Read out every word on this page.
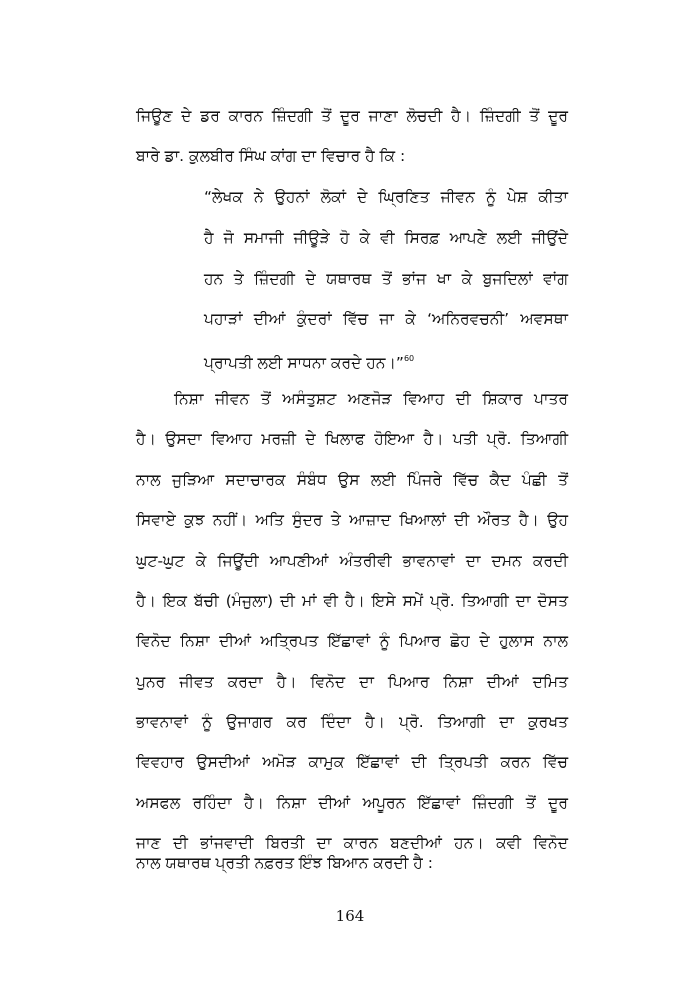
ਜਿਊਣ ਦੇ ਡਰ ਕਾਰਨ ਜ਼ਿੰਦਗੀ ਤੋਂ ਦੂਰ ਜਾਣਾ ਲੋਚਦੀ ਹੈ। ਜ਼ਿੰਦਗੀ ਤੋਂ ਦੂਰ
ਬਾਰੇ ਡਾ. ਕੁਲਬੀਰ ਸਿੰਘ ਕਾਂਗ ਦਾ ਵਿਚਾਰ ਹੈ ਕਿ :
“ਲੇਖਕ ਨੇ ਉਹਨਾਂ ਲੋਕਾਂ ਦੇ ਘ੍ਰਿਣਿਤ ਜੀਵਨ ਨੂੰ ਪੇਸ਼ ਕੀਤਾ
ਹੈ ਜੋ ਸਮਾਜੀ ਜੀਊੜੇ ਹੋ ਕੇ ਵੀ ਸਿਰਫ਼ ਆਪਣੇ ਲਈ ਜੀਉਂਦੇ
ਹਨ ਤੇ ਜ਼ਿੰਦਗੀ ਦੇ ਯਥਾਰਥ ਤੋਂ ਭਾਂਜ ਖਾ ਕੇ ਬੁਜਦਿਲਾਂ ਵਾਂਗ
ਪਹਾੜਾਂ ਦੀਆਂ ਕੁੰਦਰਾਂ ਵਿੱਚ ਜਾ ਕੇ ‘ਅਨਿਰਵਚਨੀ’ ਅਵਸਥਾ
ਪ੍ਰਾਪਤੀ ਲਈ ਸਾਧਨਾ ਕਰਦੇ ਹਨ।”$^{60}$
ਨਿਸ਼ਾ ਜੀਵਨ ਤੋਂ ਅਸੰਤੁਸ਼ਟ ਅਣਜੋੜ ਵਿਆਹ ਦੀ ਸ਼ਿਕਾਰ ਪਾਤਰ
ਹੈ। ਉਸਦਾ ਵਿਆਹ ਮਰਜ਼ੀ ਦੇ ਖਿਲਾਫ ਹੋਇਆ ਹੈ। ਪਤੀ ਪ੍ਰੋ. ਤਿਆਗੀ
ਨਾਲ ਜੁੜਿਆ ਸਦਾਚਾਰਕ ਸੰਬੰਧ ਉਸ ਲਈ ਪਿੰਜਰੇ ਵਿੱਚ ਕੈਦ ਪੰਛੀ ਤੋਂ
ਸਿਵਾਏ ਕੁਝ ਨਹੀਂ। ਅਤਿ ਸੁੰਦਰ ਤੇ ਆਜ਼ਾਦ ਖਿਆਲਾਂ ਦੀ ਔਰਤ ਹੈ। ਉਹ
ਘੁਟ-ਘੁਟ ਕੇ ਜਿਊਂਦੀ ਆਪਣੀਆਂ ਅੰਤਰੀਵੀ ਭਾਵਨਾਵਾਂ ਦਾ ਦਮਨ ਕਰਦੀ
ਹੈ। ਇਕ ਬੱਚੀ (ਮੰਜੁਲਾ) ਦੀ ਮਾਂ ਵੀ ਹੈ। ਇਸੇ ਸਮੇਂ ਪ੍ਰੋ. ਤਿਆਗੀ ਦਾ ਦੋਸਤ
ਵਿਨੋਦ ਨਿਸ਼ਾ ਦੀਆਂ ਅਤ੍ਰਿਪਤ ਇੱਛਾਵਾਂ ਨੂੰ ਪਿਆਰ ਛੋਹ ਦੇ ਹੁਲਾਸ ਨਾਲ
ਪੁਨਰ ਜੀਵਤ ਕਰਦਾ ਹੈ। ਵਿਨੋਦ ਦਾ ਪਿਆਰ ਨਿਸ਼ਾ ਦੀਆਂ ਦਮਿਤ
ਭਾਵਨਾਵਾਂ ਨੂੰ ਉਜਾਗਰ ਕਰ ਦਿੰਦਾ ਹੈ। ਪ੍ਰੋ. ਤਿਆਗੀ ਦਾ ਕੁਰਖਤ
ਵਿਵਹਾਰ ਉਸਦੀਆਂ ਅਮੋੜ ਕਾਮੁਕ ਇੱਛਾਵਾਂ ਦੀ ਤ੍ਰਿਪਤੀ ਕਰਨ ਵਿੱਚ
ਅਸਫਲ ਰਹਿੰਦਾ ਹੈ। ਨਿਸ਼ਾ ਦੀਆਂ ਅਪੂਰਨ ਇੱਛਾਵਾਂ ਜ਼ਿੰਦਗੀ ਤੋਂ ਦੂਰ
ਜਾਣ ਦੀ ਭਾਂਜਵਾਦੀ ਬਿਰਤੀ ਦਾ ਕਾਰਨ ਬਣਦੀਆਂ ਹਨ। ਕਵੀ ਵਿਨੋਦ
164
ਨਾਲ ਯਥਾਰਥ ਪ੍ਰਤੀ ਨਫ਼ਰਤ ਇੰਝ ਬਿਆਨ ਕਰਦੀ ਹੈ :
